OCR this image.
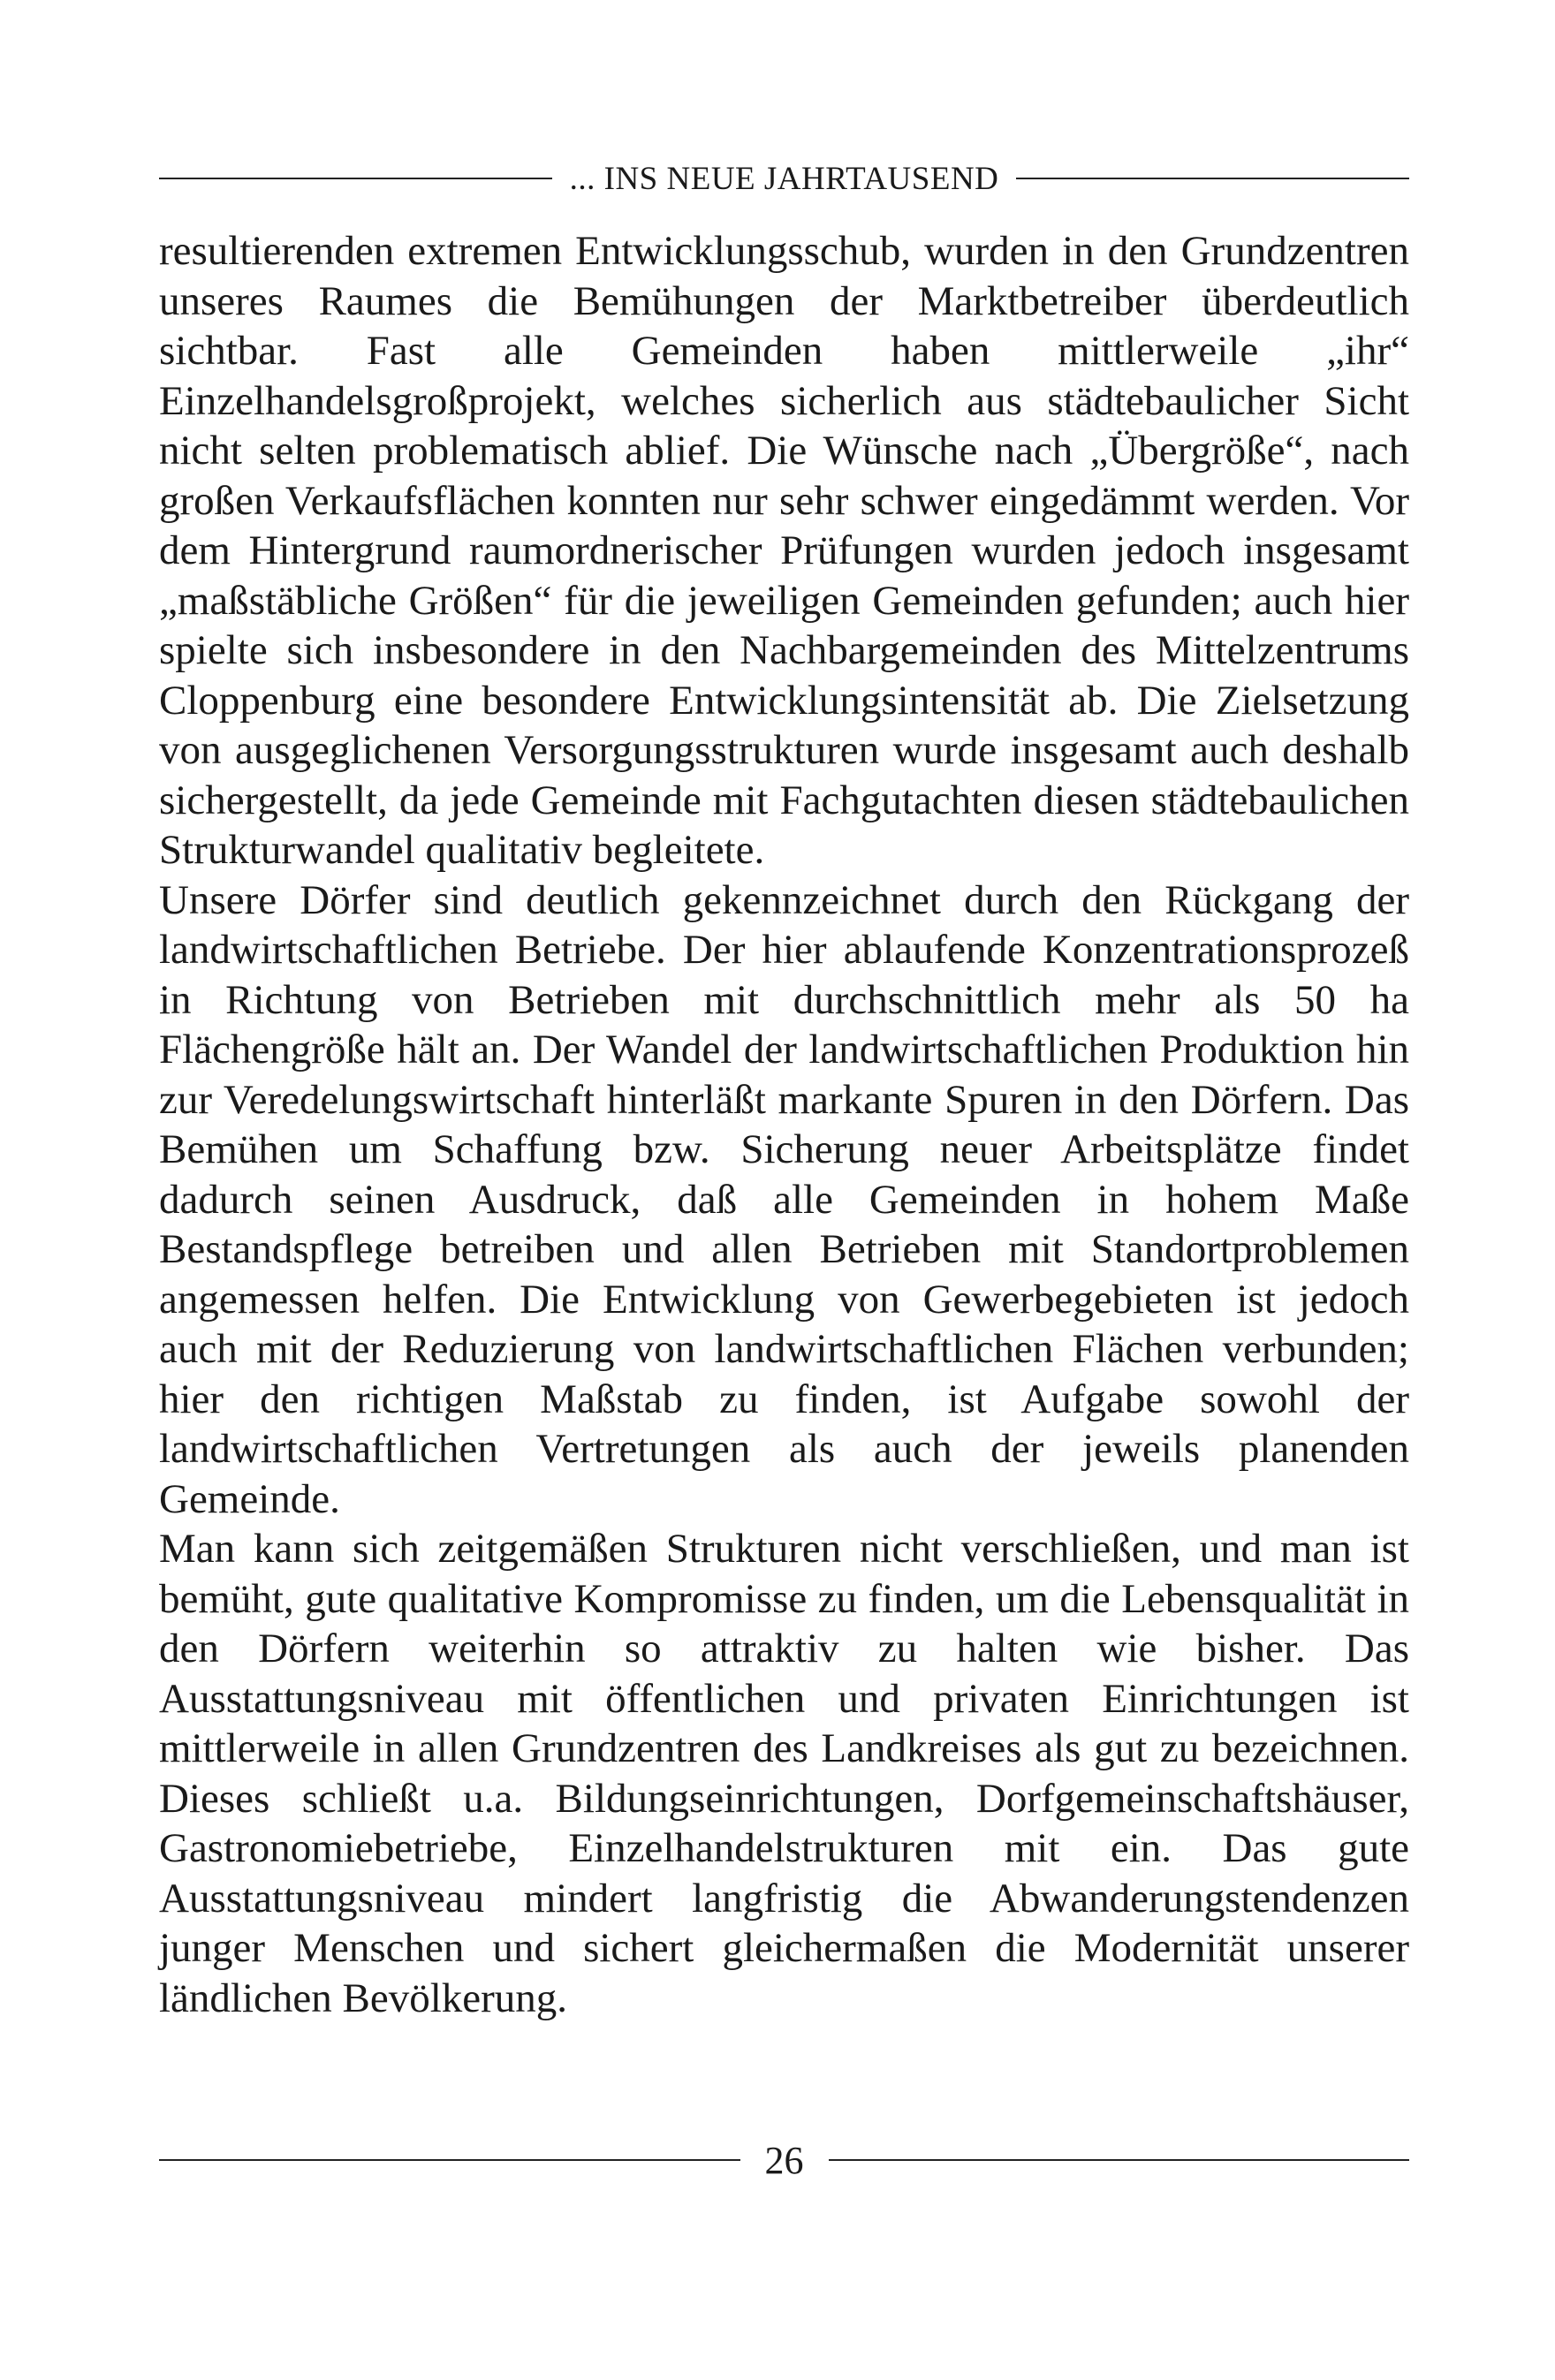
... INS NEUE JAHRTAUSEND

resultierenden extremen Entwicklungsschub, wurden in den Grundzentren unseres Raumes die Bemühungen der Marktbetreiber überdeutlich sichtbar. Fast alle Gemeinden haben mittlerweile „ihr“ Einzelhandelsgroßprojekt, welches sicherlich aus städtebaulicher Sicht nicht selten problematisch ablief. Die Wünsche nach „Übergröße“, nach großen Verkaufsflächen konnten nur sehr schwer eingedämmt werden. Vor dem Hintergrund raumordnerischer Prüfungen wurden jedoch insgesamt „maßstäbliche Größen“ für die jeweiligen Gemeinden gefunden; auch hier spielte sich insbesondere in den Nachbargemeinden des Mittelzentrums Cloppenburg eine besondere Entwicklungsintensität ab. Die Zielsetzung von ausgeglichenen Versorgungsstrukturen wurde insgesamt auch deshalb sichergestellt, da jede Gemeinde mit Fachgutachten diesen städtebaulichen Strukturwandel qualitativ begleitete.

Unsere Dörfer sind deutlich gekennzeichnet durch den Rückgang der landwirtschaftlichen Betriebe. Der hier ablaufende Konzentrationsprozeß in Richtung von Betrieben mit durchschnittlich mehr als 50 ha Flächengröße hält an. Der Wandel der landwirtschaftlichen Produktion hin zur Veredelungswirtschaft hinterläßt markante Spuren in den Dörfern. Das Bemühen um Schaffung bzw. Sicherung neuer Arbeitsplätze findet dadurch seinen Ausdruck, daß alle Gemeinden in hohem Maße Bestandspflege betreiben und allen Betrieben mit Standortproblemen angemessen helfen. Die Entwicklung von Gewerbegebieten ist jedoch auch mit der Reduzierung von landwirtschaftlichen Flächen verbunden; hier den richtigen Maßstab zu finden, ist Aufgabe sowohl der landwirtschaftlichen Vertretungen als auch der jeweils planenden Gemeinde.

Man kann sich zeitgemäßen Strukturen nicht verschließen, und man ist bemüht, gute qualitative Kompromisse zu finden, um die Lebensqualität in den Dörfern weiterhin so attraktiv zu halten wie bisher. Das Ausstattungsniveau mit öffentlichen und privaten Einrichtungen ist mittlerweile in allen Grundzentren des Landkreises als gut zu bezeichnen. Dieses schließt u.a. Bildungseinrichtungen, Dorfgemeinschaftshäuser, Gastronomiebetriebe, Einzelhandelstrukturen mit ein. Das gute Ausstattungsniveau mindert langfristig die Abwanderungstendenzen junger Menschen und sichert gleichermaßen die Modernität unserer ländlichen Bevölkerung.

26
